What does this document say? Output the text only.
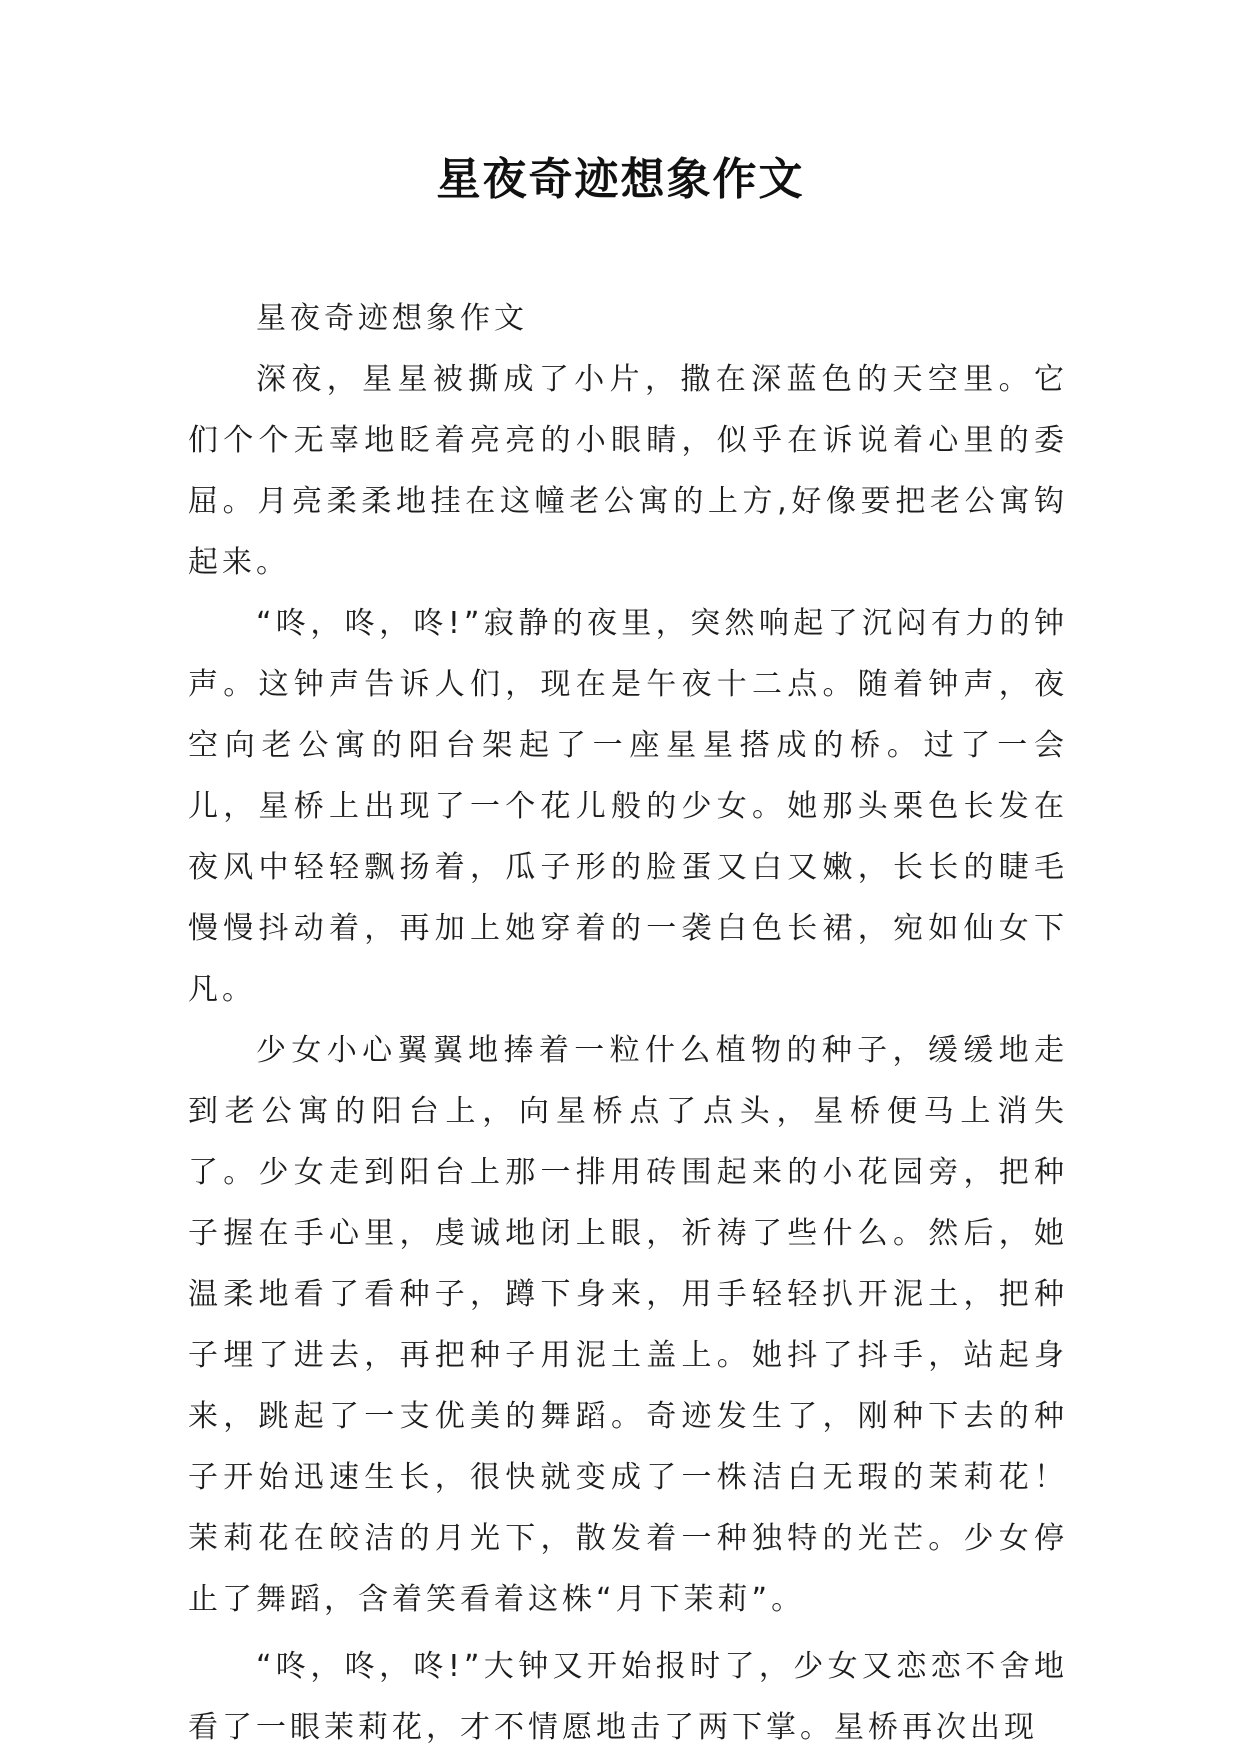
星夜奇迹想象作文

星夜奇迹想象作文

深夜，星星被撕成了小片，撒在深蓝色的天空里。它们个个无辜地眨着亮亮的小眼睛，似乎在诉说着心里的委屈。月亮柔柔地挂在这幢老公寓的上方,好像要把老公寓钩起来。

“咚，咚，咚!”寂静的夜里，突然响起了沉闷有力的钟声。这钟声告诉人们，现在是午夜十二点。随着钟声，夜空向老公寓的阳台架起了一座星星搭成的桥。过了一会儿，星桥上出现了一个花儿般的少女。她那头栗色长发在夜风中轻轻飘扬着，瓜子形的脸蛋又白又嫩，长长的睫毛慢慢抖动着，再加上她穿着的一袭白色长裙，宛如仙女下凡。

少女小心翼翼地捧着一粒什么植物的种子，缓缓地走到老公寓的阳台上，向星桥点了点头，星桥便马上消失了。少女走到阳台上那一排用砖围起来的小花园旁，把种子握在手心里，虔诚地闭上眼，祈祷了些什么。然后，她温柔地看了看种子，蹲下身来，用手轻轻扒开泥土，把种子埋了进去，再把种子用泥土盖上。她抖了抖手，站起身来，跳起了一支优美的舞蹈。奇迹发生了，刚种下去的种子开始迅速生长，很快就变成了一株洁白无瑕的茉莉花！茉莉花在皎洁的月光下，散发着一种独特的光芒。少女停止了舞蹈，含着笑看着这株“月下茉莉”。

“咚，咚，咚!”大钟又开始报时了，少女又恋恋不舍地看了一眼茉莉花，才不情愿地击了两下掌。星桥再次出现
